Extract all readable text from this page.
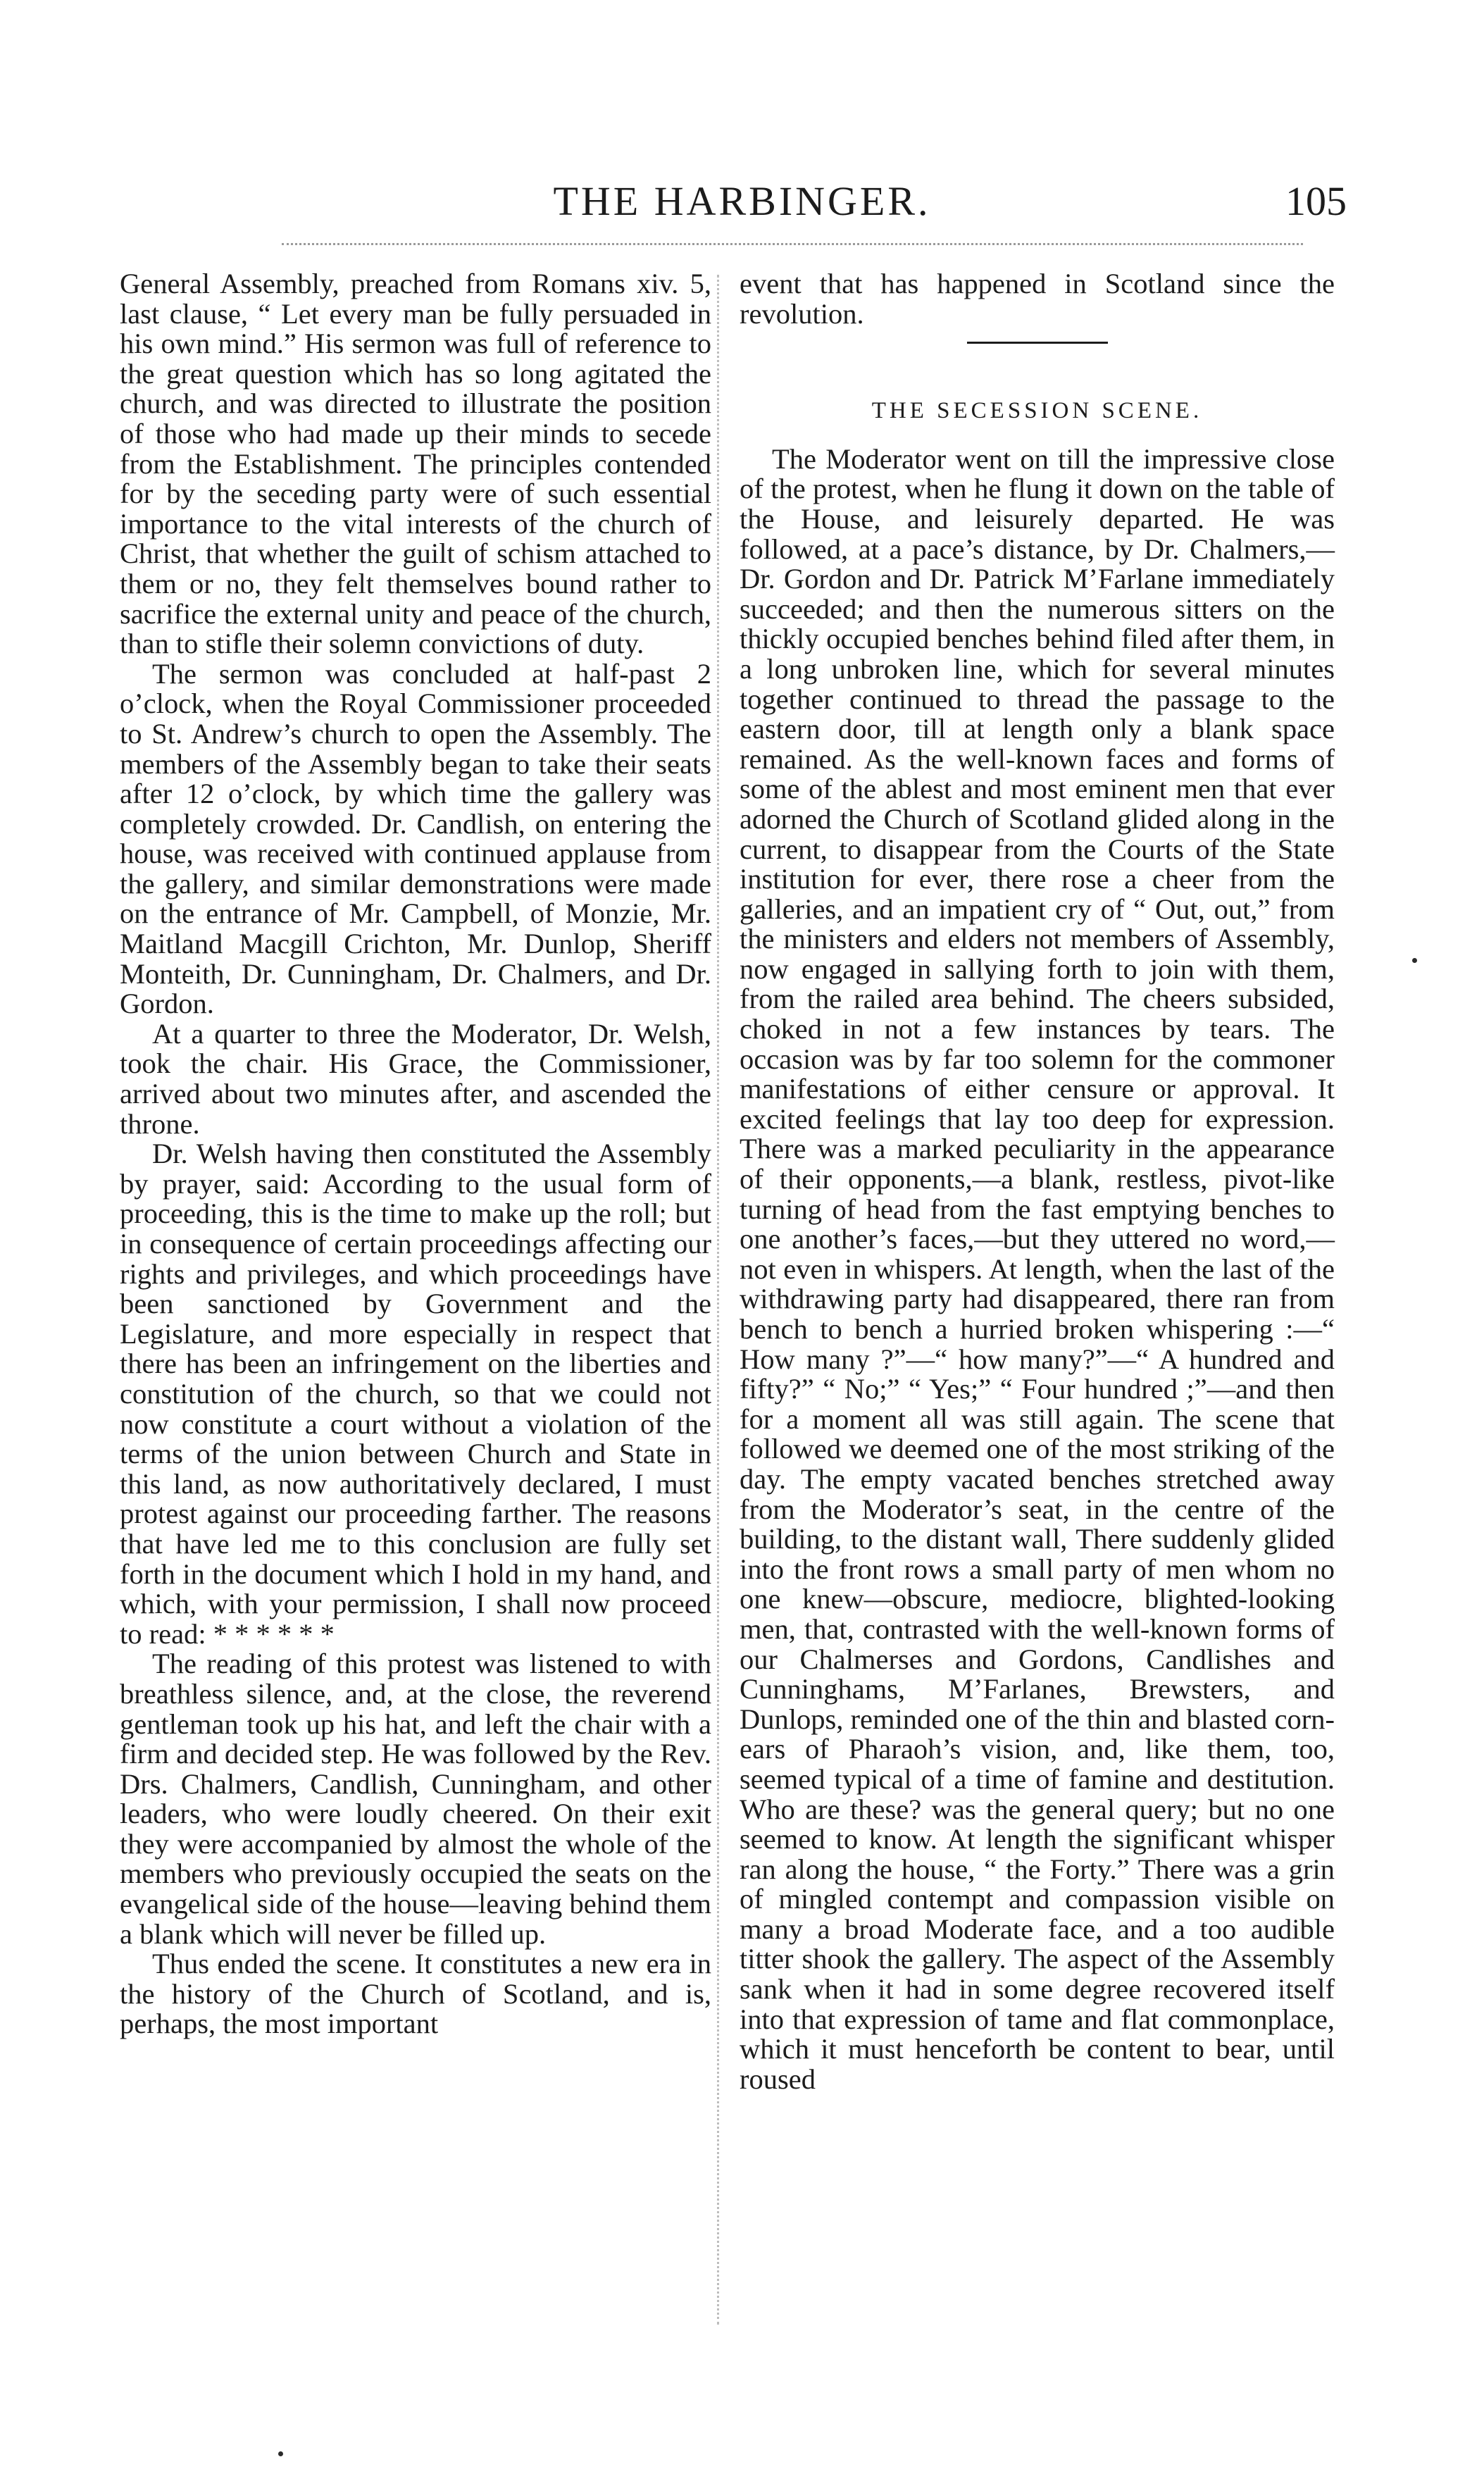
THE HARBINGER.	105

General Assembly, preached from Romans xiv. 5, last clause, “ Let every man be fully persuaded in his own mind.” His sermon was full of reference to the great question which has so long agitated the church, and was directed to illustrate the position of those who had made up their minds to secede from the Establishment. The principles contended for by the seceding party were of such essential importance to the vital interests of the church of Christ, that whether the guilt of schism attached to them or no, they felt themselves bound rather to sacrifice the external unity and peace of the church, than to stifle their solemn convictions of duty.

The sermon was concluded at half-past 2 o’clock, when the Royal Commissioner proceeded to St. Andrew’s church to open the Assembly. The members of the Assembly began to take their seats after 12 o’clock, by which time the gallery was completely crowded. Dr. Candlish, on entering the house, was received with continued applause from the gallery, and similar demonstrations were made on the entrance of Mr. Campbell, of Monzie, Mr. Maitland Macgill Crichton, Mr. Dunlop, Sheriff Monteith, Dr. Cunningham, Dr. Chalmers, and Dr. Gordon.

At a quarter to three the Moderator, Dr. Welsh, took the chair. His Grace, the Commissioner, arrived about two minutes after, and ascended the throne.

Dr. Welsh having then constituted the Assembly by prayer, said: According to the usual form of proceeding, this is the time to make up the roll; but in consequence of certain proceedings affecting our rights and privileges, and which proceedings have been sanctioned by Government and the Legislature, and more especially in respect that there has been an infringement on the liberties and constitution of the church, so that we could not now constitute a court without a violation of the terms of the union between Church and State in this land, as now authoritatively declared, I must protest against our proceeding farther. The reasons that have led me to this conclusion are fully set forth in the document which I hold in my hand, and which, with your permission, I shall now proceed to read: * * * * * *

The reading of this protest was listened to with breathless silence, and, at the close, the reverend gentleman took up his hat, and left the chair with a firm and decided step. He was followed by the Rev. Drs. Chalmers, Candlish, Cunningham, and other leaders, who were loudly cheered. On their exit they were accompanied by almost the whole of the members who previously occupied the seats on the evangelical side of the house—leaving behind them a blank which will never be filled up.

Thus ended the scene. It constitutes a new era in the history of the Church of Scotland, and is, perhaps, the most important

event that has happened in Scotland since the revolution.

THE SECESSION SCENE.

The Moderator went on till the impressive close of the protest, when he flung it down on the table of the House, and leisurely departed. He was followed, at a pace’s distance, by Dr. Chalmers,—Dr. Gordon and Dr. Patrick M’Farlane immediately succeeded; and then the numerous sitters on the thickly occupied benches behind filed after them, in a long unbroken line, which for several minutes together continued to thread the passage to the eastern door, till at length only a blank space remained. As the well-known faces and forms of some of the ablest and most eminent men that ever adorned the Church of Scotland glided along in the current, to disappear from the Courts of the State institution for ever, there rose a cheer from the galleries, and an impatient cry of “ Out, out,” from the ministers and elders not members of Assembly, now engaged in sallying forth to join with them, from the railed area behind. The cheers subsided, choked in not a few instances by tears. The occasion was by far too solemn for the commoner manifestations of either censure or approval. It excited feelings that lay too deep for expression. There was a marked peculiarity in the appearance of their opponents,—a blank, restless, pivot-like turning of head from the fast emptying benches to one another’s faces,—but they uttered no word,—not even in whispers. At length, when the last of the withdrawing party had disappeared, there ran from bench to bench a hurried broken whispering :—“ How many ?”—“ how many?”—“ A hundred and fifty?” “ No;” “ Yes;” “ Four hundred ;”—and then for a moment all was still again. The scene that followed we deemed one of the most striking of the day. The empty vacated benches stretched away from the Moderator’s seat, in the centre of the building, to the distant wall, There suddenly glided into the front rows a small party of men whom no one knew—obscure, mediocre, blighted-looking men, that, contrasted with the well-known forms of our Chalmerses and Gordons, Candlishes and Cunninghams, M’Farlanes, Brewsters, and Dunlops, reminded one of the thin and blasted corn-ears of Pharaoh’s vision, and, like them, too, seemed typical of a time of famine and destitution. Who are these? was the general query; but no one seemed to know. At length the significant whisper ran along the house, “ the Forty.” There was a grin of mingled contempt and compassion visible on many a broad Moderate face, and a too audible titter shook the gallery. The aspect of the Assembly sank when it had in some degree recovered itself into that expression of tame and flat commonplace, which it must henceforth be content to bear, until roused
